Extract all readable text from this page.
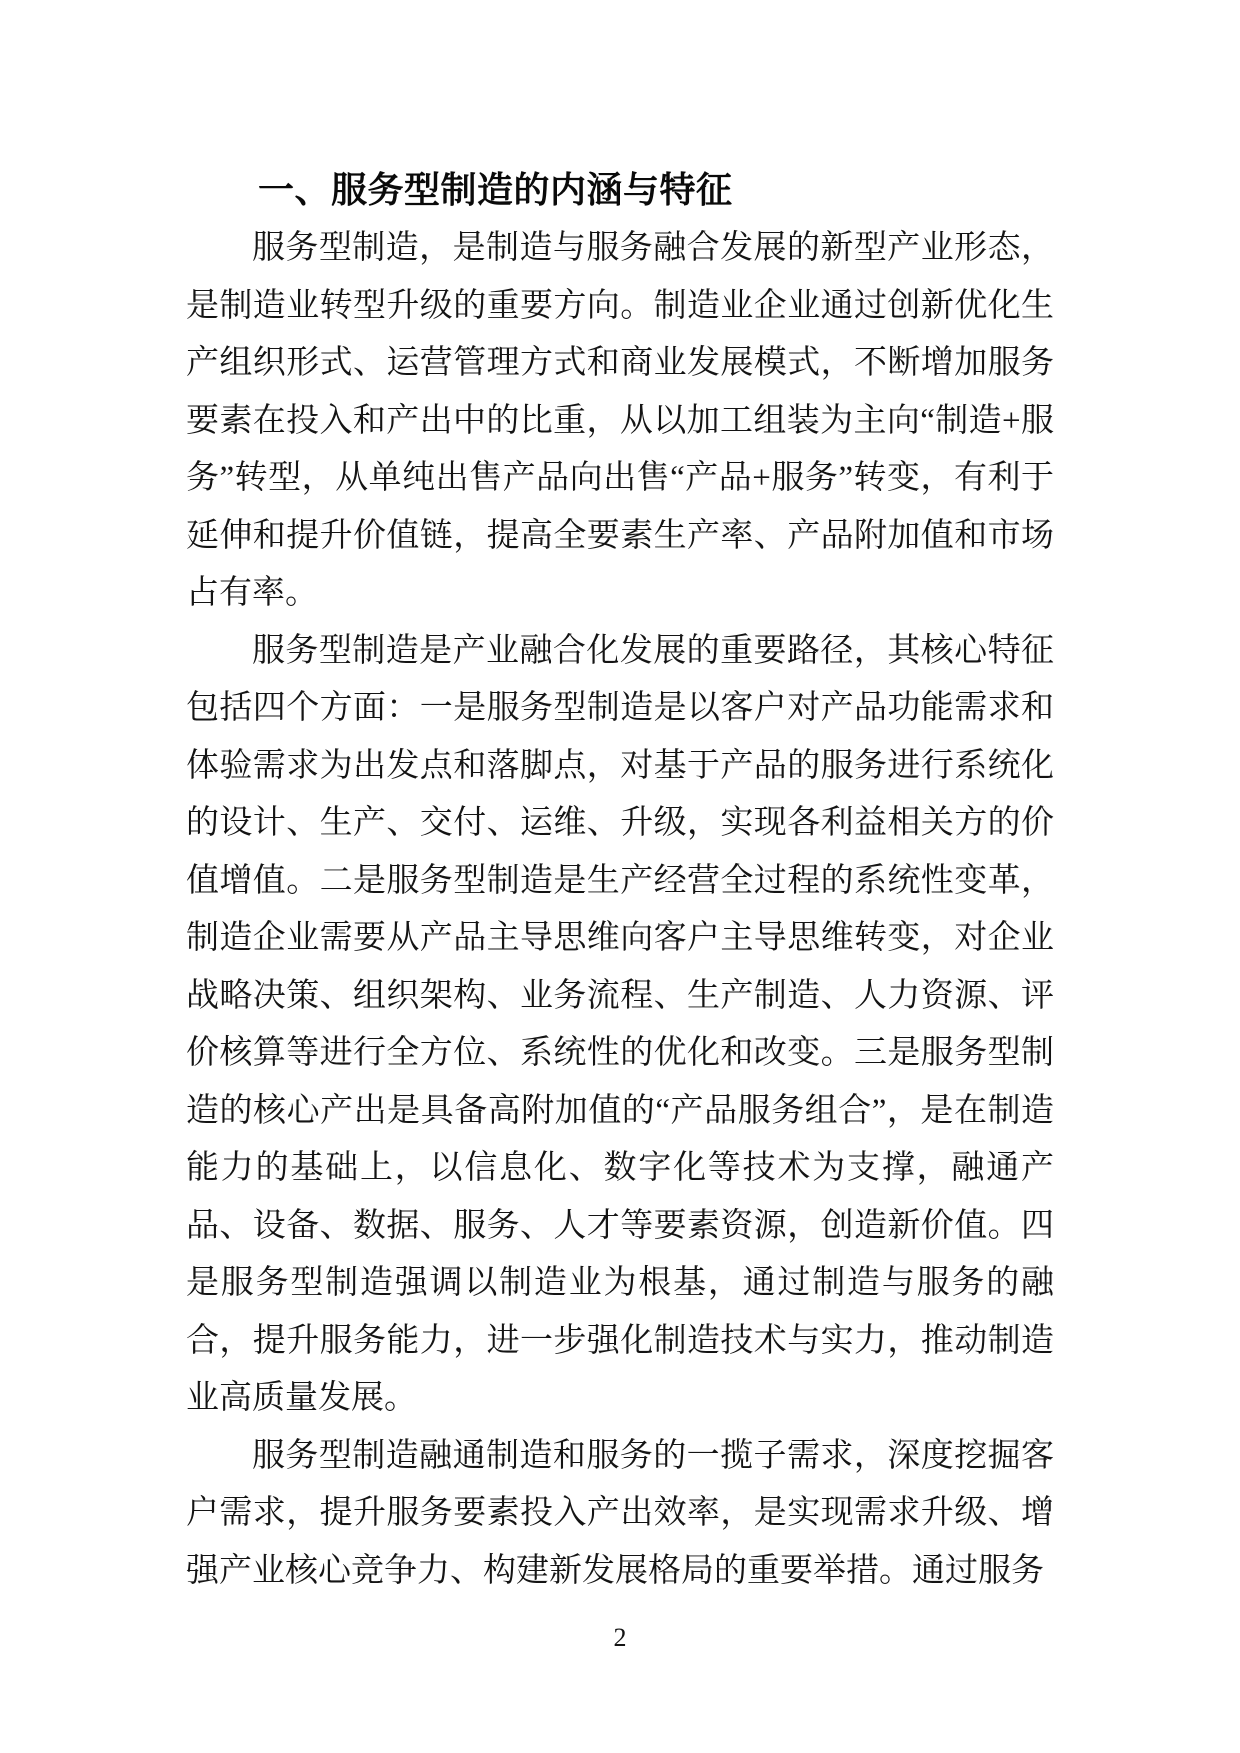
一、服务型制造的内涵与特征

服务型制造，是制造与服务融合发展的新型产业形态，是制造业转型升级的重要方向。制造业企业通过创新优化生产组织形式、运营管理方式和商业发展模式，不断增加服务要素在投入和产出中的比重，从以加工组装为主向“制造+服务”转型，从单纯出售产品向出售“产品+服务”转变，有利于延伸和提升价值链，提高全要素生产率、产品附加值和市场占有率。

服务型制造是产业融合化发展的重要路径，其核心特征包括四个方面：一是服务型制造是以客户对产品功能需求和体验需求为出发点和落脚点，对基于产品的服务进行系统化的设计、生产、交付、运维、升级，实现各利益相关方的价值增值。二是服务型制造是生产经营全过程的系统性变革，制造企业需要从产品主导思维向客户主导思维转变，对企业战略决策、组织架构、业务流程、生产制造、人力资源、评价核算等进行全方位、系统性的优化和改变。三是服务型制造的核心产出是具备高附加值的“产品服务组合”，是在制造能力的基础上，以信息化、数字化等技术为支撑，融通产品、设备、数据、服务、人才等要素资源，创造新价值。四是服务型制造强调以制造业为根基，通过制造与服务的融合，提升服务能力，进一步强化制造技术与实力，推动制造业高质量发展。

服务型制造融通制造和服务的一揽子需求，深度挖掘客户需求，提升服务要素投入产出效率，是实现需求升级、增强产业核心竞争力、构建新发展格局的重要举措。通过服务

2
